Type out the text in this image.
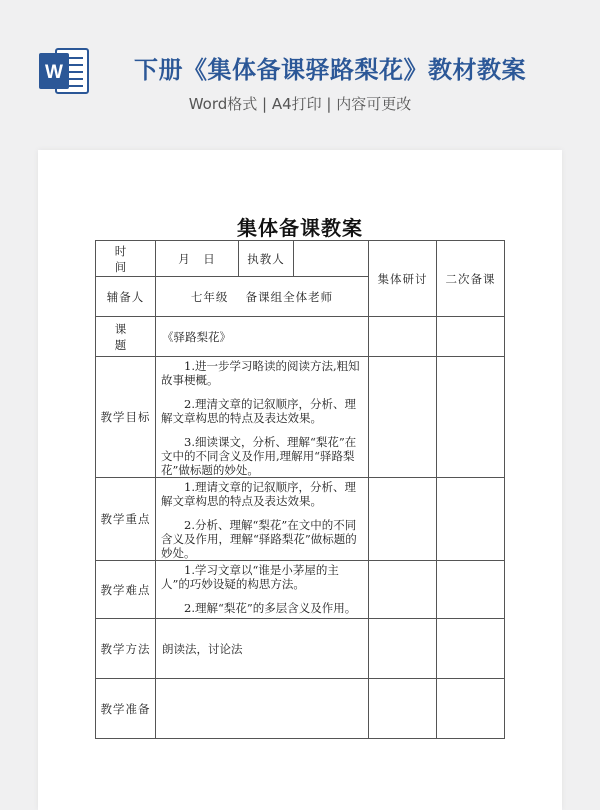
W	下册《集体备课驿路梨花》教材教案
Word格式 | A4打印 | 内容可更改
集体备课教案
时　间	月　日	执教人		集体研讨	二次备课
辅备人	七年级　 备课组全体老师				
课　题	《驿路梨花》				
教学目标	1.进一步学习略读的阅读方法,粗知故事梗概。

2.理清文章的记叙顺序，分析、理解文章构思的特点及表达效果。

3.细读课文，分析、理解“梨花”在文中的不同含义及作用,理解用“驿路梨花”做标题的妙处。				

教学重点	1.理请文章的记叙顺序，分析、理解文章构思的特点及表达效果。

2.分析、理解“梨花”在文中的不同含义及作用，理解“驿路梨花”做标题的妙处。				

教学难点	1.学习文章以“谁是小茅屋的主人”的巧妙设疑的构思方法。

2.理解“梨花”的多层含义及作用。				

教学方法	朗读法，讨论法				
教学准备					
